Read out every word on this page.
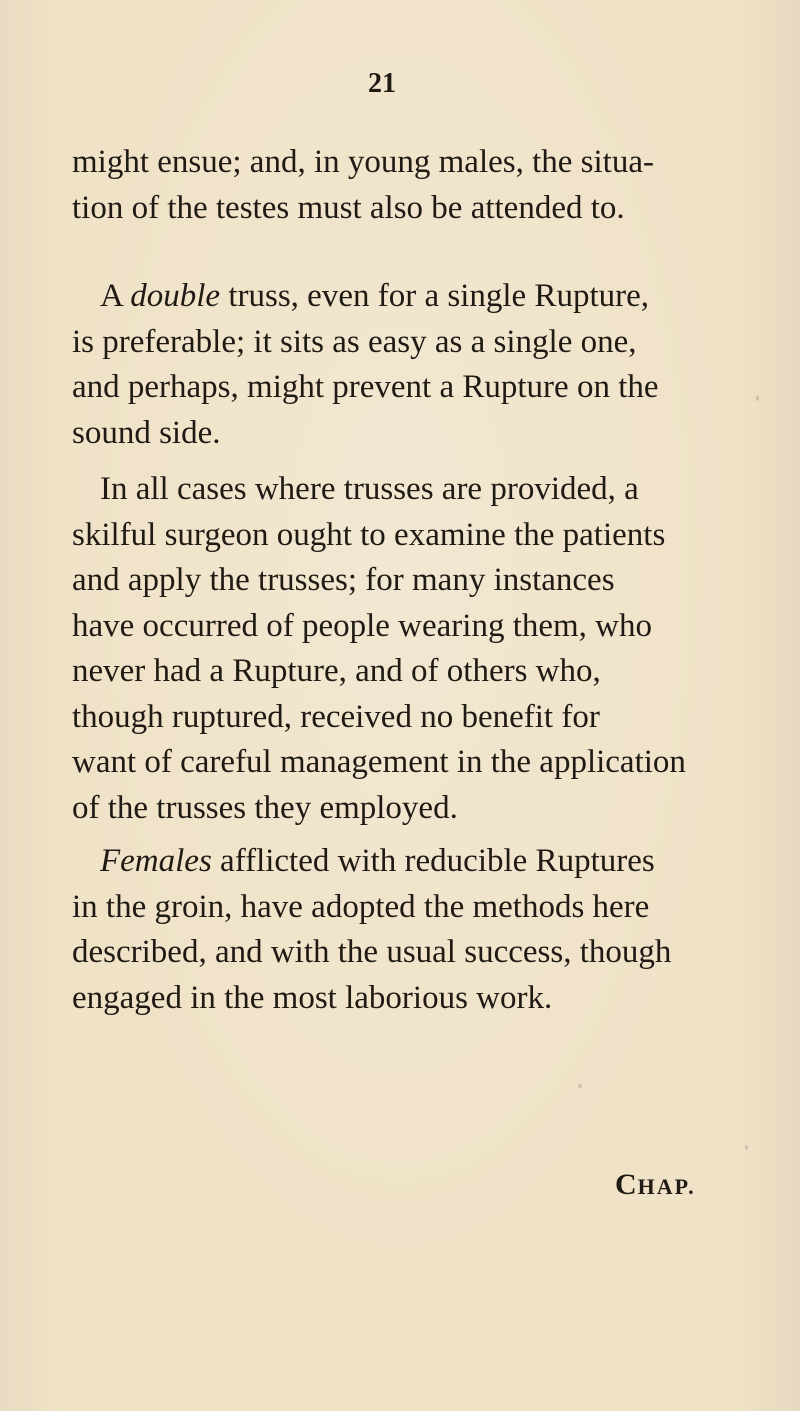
21
might ensue; and, in young males, the situa-
tion of the testes must also be attended to.
A double truss, even for a single Rupture,
is preferable; it sits as easy as a single one,
and perhaps, might prevent a Rupture on the
sound side.
In all cases where trusses are provided, a
skilful surgeon ought to examine the patients
and apply the trusses; for many instances
have occurred of people wearing them, who
never had a Rupture, and of others who,
though ruptured, received no benefit for
want of careful management in the application
of the trusses they employed.
Females afflicted with reducible Ruptures
in the groin, have adopted the methods here
described, and with the usual success, though
engaged in the most laborious work.
CHAP.
